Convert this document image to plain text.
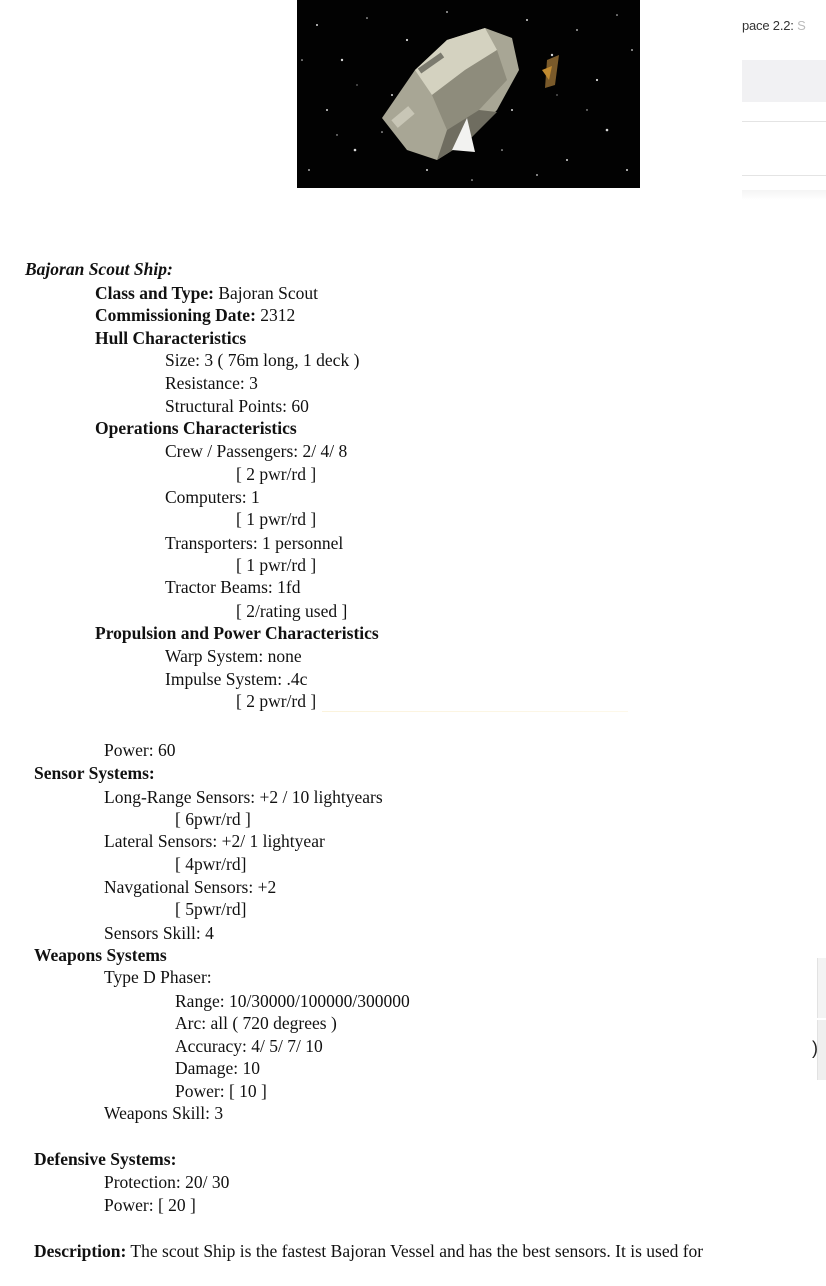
pace 2.2: S
)
Bajoran Scout Ship:
Class and Type: Bajoran Scout
Commissioning Date: 2312
Hull Characteristics
Size: 3 ( 76m long, 1 deck )
Resistance: 3
Structural Points: 60
Operations Characteristics
Crew / Passengers: 2/ 4/ 8
[ 2 pwr/rd ]
Computers: 1
[ 1 pwr/rd ]
Transporters: 1 personnel
[ 1 pwr/rd ]
Tractor Beams: 1fd
[ 2/rating used ]
Propulsion and Power Characteristics
Warp System: none
Impulse System: .4c
[ 2 pwr/rd ]
Power: 60
Sensor Systems:
Long-Range Sensors: +2 / 10 lightyears
[ 6pwr/rd ]
Lateral Sensors: +2/ 1 lightyear
[ 4pwr/rd]
Navgational Sensors: +2
[ 5pwr/rd]
Sensors Skill: 4
Weapons Systems
Type D Phaser:
Range: 10/30000/100000/300000
Arc: all ( 720 degrees )
Accuracy: 4/ 5/ 7/ 10
Damage: 10
Power: [ 10 ]
Weapons Skill: 3
Defensive Systems:
Protection: 20/ 30
Power: [ 20 ]
Description: The scout Ship is the fastest Bajoran Vessel and has the best sensors. It is used for
